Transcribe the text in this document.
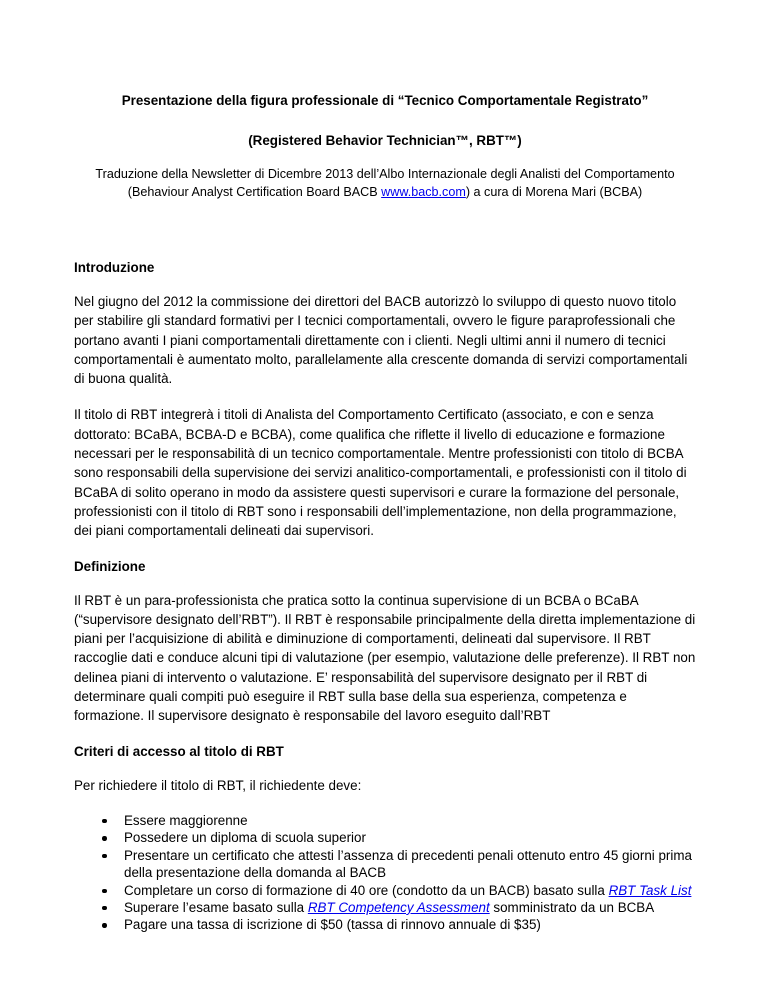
Presentazione della figura professionale di “Tecnico Comportamentale Registrato”

(Registered Behavior Technician™, RBT™)

Traduzione della Newsletter di Dicembre 2013 dell’Albo Internazionale degli Analisti del Comportamento (Behaviour Analyst Certification Board BACB www.bacb.com) a cura di Morena Mari (BCBA)

Introduzione

Nel giugno del 2012 la commissione dei direttori del BACB autorizzò lo sviluppo di questo nuovo titolo per stabilire gli standard formativi per I tecnici comportamentali, ovvero le figure paraprofessionali che portano avanti I piani comportamentali direttamente con i clienti. Negli ultimi anni il numero di tecnici comportamentali è aumentato molto, parallelamente alla crescente domanda di servizi comportamentali di buona qualità.

Il titolo di RBT integrerà i titoli di Analista del Comportamento Certificato (associato, e con e senza dottorato: BCaBA, BCBA-D e BCBA), come qualifica che riflette il livello di educazione e formazione necessari per le responsabilità di un tecnico comportamentale. Mentre professionisti con titolo di BCBA sono responsabili della supervisione dei servizi analitico-comportamentali, e professionisti con il titolo di BCaBA di solito operano in modo da assistere questi supervisori e curare la formazione del personale, professionisti con il titolo di RBT sono i responsabili dell’implementazione, non della programmazione, dei piani comportamentali delineati dai supervisori.

Definizione

Il RBT è un para-professionista che pratica sotto la continua supervisione di un BCBA o BCaBA (“supervisore designato dell’RBT”). Il RBT è responsabile principalmente della diretta implementazione di piani per l’acquisizione di abilità e diminuzione di comportamenti, delineati dal supervisore. Il RBT raccoglie dati e conduce alcuni tipi di valutazione (per esempio, valutazione delle preferenze). Il RBT non delinea piani di intervento o valutazione. E’ responsabilità del supervisore designato per il RBT di determinare quali compiti può eseguire il RBT sulla base della sua esperienza, competenza e formazione. Il supervisore designato è responsabile del lavoro eseguito dall’RBT

Criteri di accesso al titolo di RBT

Per richiedere il titolo di RBT, il richiedente deve:

Essere maggiorenne
Possedere un diploma di scuola superior
Presentare un certificato che attesti l’assenza di precedenti penali ottenuto entro 45 giorni prima della presentazione della domanda al BACB
Completare un corso di formazione di 40 ore (condotto da un BACB) basato sulla RBT Task List
Superare l’esame basato sulla RBT Competency Assessment somministrato da un BCBA
Pagare una tassa di iscrizione di $50 (tassa di rinnovo annuale di $35)
